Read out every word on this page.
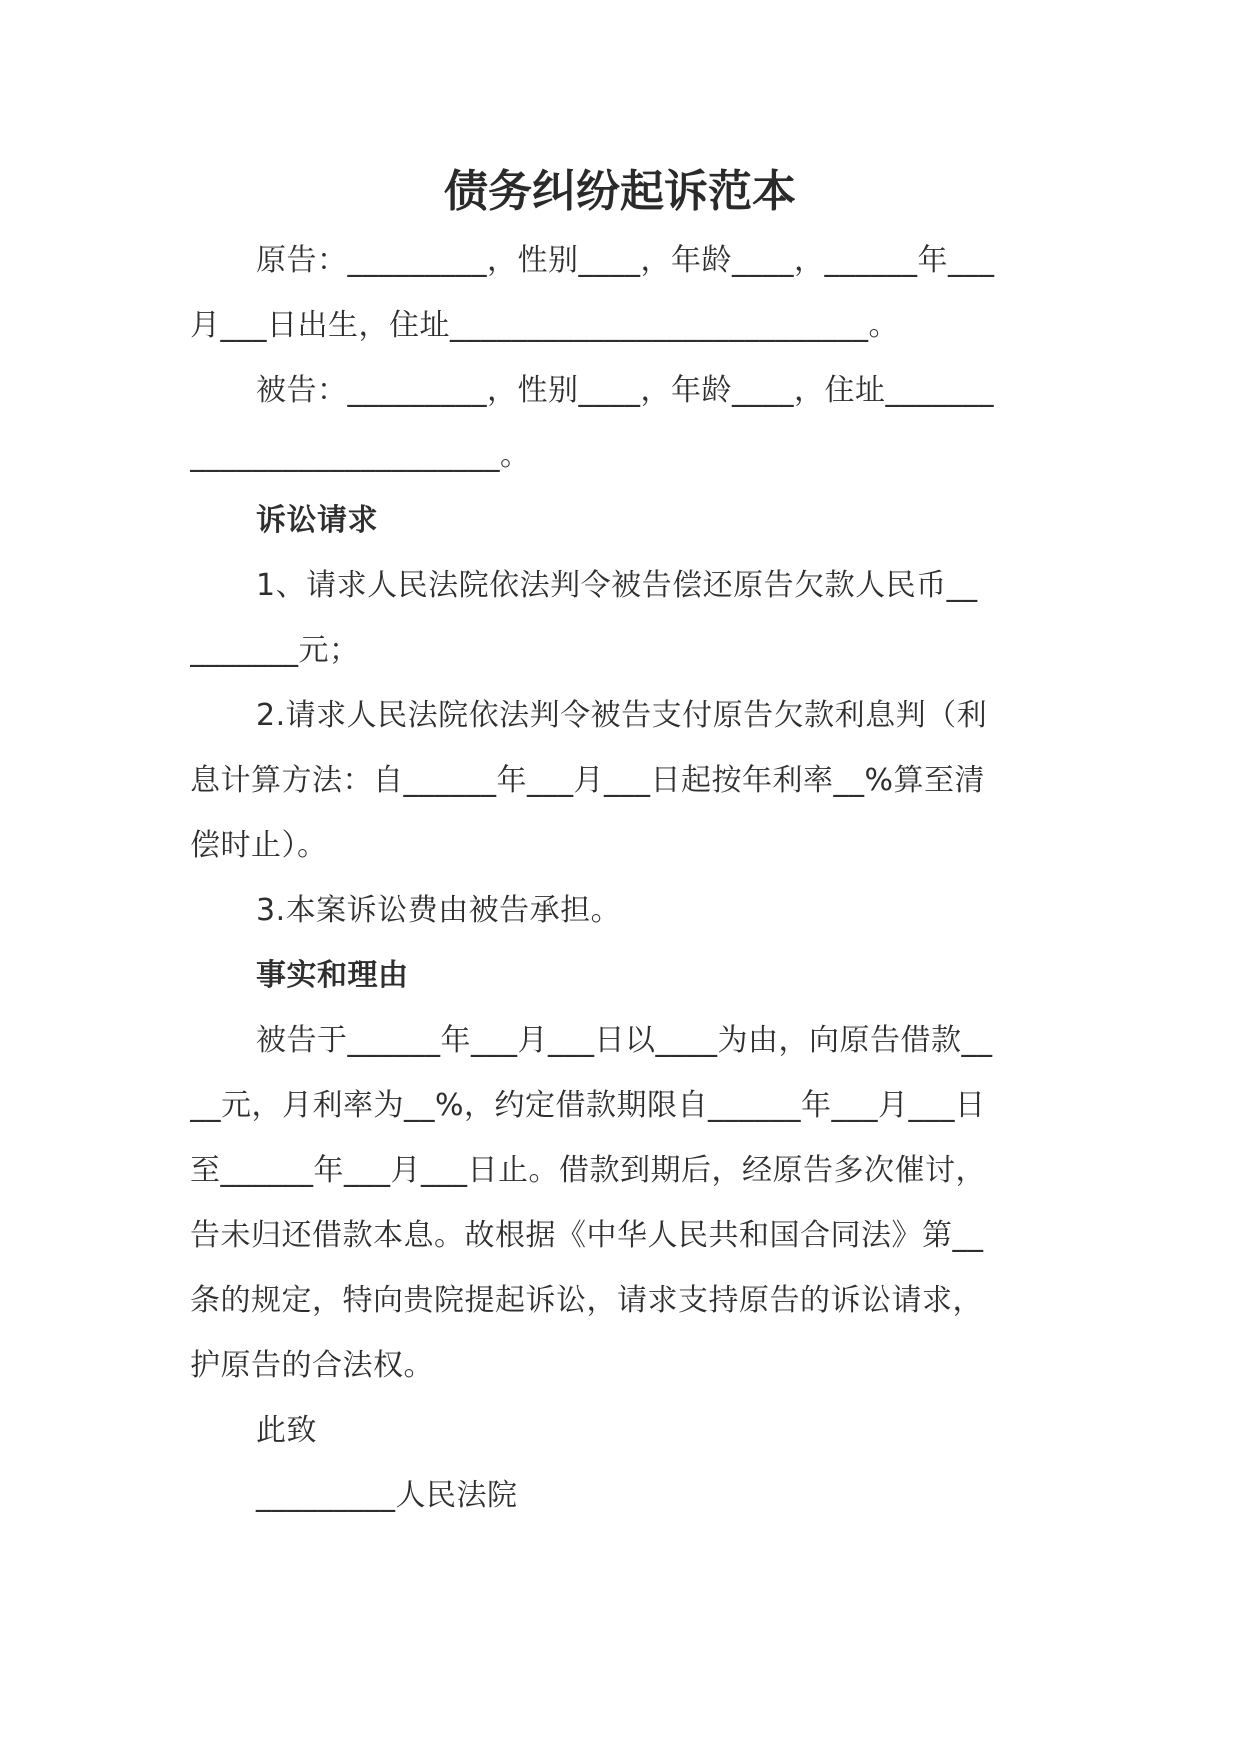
债务纠纷起诉范本
原告：_________，性别____，年龄____，______年___
月___日出生，住址___________________________。
被告：_________，性别____，年龄____，住址_______
____________________。
诉讼请求
1、请求人民法院依法判令被告偿还原告欠款人民币__
_______元；
2.请求人民法院依法判令被告支付原告欠款利息判（利
息计算方法：自______年___月___日起按年利率__%算至清
偿时止）。
3.本案诉讼费由被告承担。
事实和理由
被告于______年___月___日以____为由，向原告借款__
__元，月利率为__%，约定借款期限自______年___月___日
至______年___月___日止。借款到期后，经原告多次催讨，
告未归还借款本息。故根据《中华人民共和国合同法》第__
条的规定，特向贵院提起诉讼，请求支持原告的诉讼请求，
护原告的合法权。
此致
_________人民法院
